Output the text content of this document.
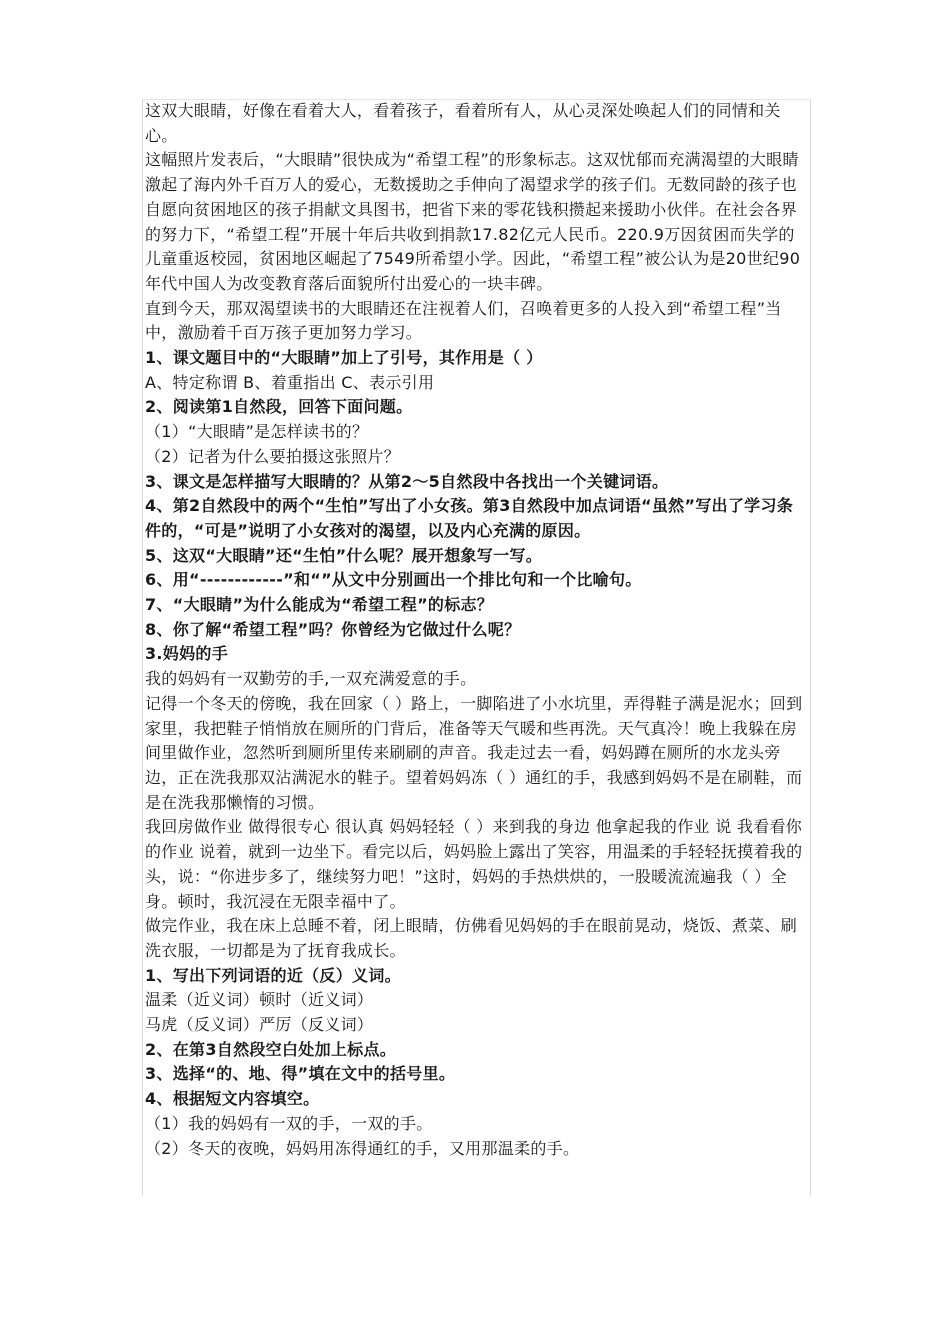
这双大眼睛，好像在看着大人，看着孩子，看着所有人，从心灵深处唤起人们的同情和关心。
这幅照片发表后，“大眼睛”很快成为“希望工程”的形象标志。这双忧郁而充满渴望的大眼睛激起了海内外千百万人的爱心，无数援助之手伸向了渴望求学的孩子们。无数同龄的孩子也自愿向贫困地区的孩子捐献文具图书，把省下来的零花钱积攒起来援助小伙伴。在社会各界的努力下，“希望工程”开展十年后共收到捐款17.82亿元人民币。220.9万因贫困而失学的儿童重返校园，贫困地区崛起了7549所希望小学。因此，“希望工程”被公认为是20世纪90年代中国人为改变教育落后面貌所付出爱心的一块丰碑。
直到今天，那双渴望读书的大眼睛还在注视着人们，召唤着更多的人投入到“希望工程”当中，激励着千百万孩子更加努力学习。
1、课文题目中的“大眼睛”加上了引号，其作用是（ ）
A、特定称谓 B、着重指出 C、表示引用
2、阅读第1自然段，回答下面问题。
（1）“大眼睛”是怎样读书的？
（2）记者为什么要拍摄这张照片？
3、课文是怎样描写大眼睛的？从第2～5自然段中各找出一个关键词语。
4、第2自然段中的两个“生怕”写出了小女孩。第3自然段中加点词语“虽然”写出了学习条件的，“可是”说明了小女孩对的渴望，以及内心充满的原因。
5、这双“大眼睛”还“生怕”什么呢？展开想象写一写。
6、用“------------”和“”从文中分别画出一个排比句和一个比喻句。
7、“大眼睛”为什么能成为“希望工程”的标志？
8、你了解“希望工程”吗？你曾经为它做过什么呢？
3.妈妈的手
我的妈妈有一双勤劳的手,一双充满爱意的手。
记得一个冬天的傍晚，我在回家（ ）路上，一脚陷进了小水坑里，弄得鞋子满是泥水；回到家里，我把鞋子悄悄放在厕所的门背后，准备等天气暖和些再洗。天气真冷！晚上我躲在房间里做作业，忽然听到厕所里传来刷刷的声音。我走过去一看，妈妈蹲在厕所的水龙头旁边，正在洗我那双沾满泥水的鞋子。望着妈妈冻（ ）通红的手，我感到妈妈不是在刷鞋，而是在洗我那懒惰的习惯。
我回房做作业 做得很专心 很认真 妈妈轻轻（ ）来到我的身边 他拿起我的作业 说 我看看你的作业 说着，就到一边坐下。看完以后，妈妈脸上露出了笑容，用温柔的手轻轻抚摸着我的头，说：“你进步多了，继续努力吧！”这时，妈妈的手热烘烘的，一股暖流流遍我（ ）全身。顿时，我沉浸在无限幸福中了。
做完作业，我在床上总睡不着，闭上眼睛，仿佛看见妈妈的手在眼前晃动，烧饭、煮菜、刷洗衣服，一切都是为了抚育我成长。
1、写出下列词语的近（反）义词。
温柔（近义词）顿时（近义词）
马虎（反义词）严厉（反义词）
2、在第3自然段空白处加上标点。
3、选择“的、地、得”填在文中的括号里。
4、根据短文内容填空。
（1）我的妈妈有一双的手，一双的手。
（2）冬天的夜晚，妈妈用冻得通红的手，又用那温柔的手。
